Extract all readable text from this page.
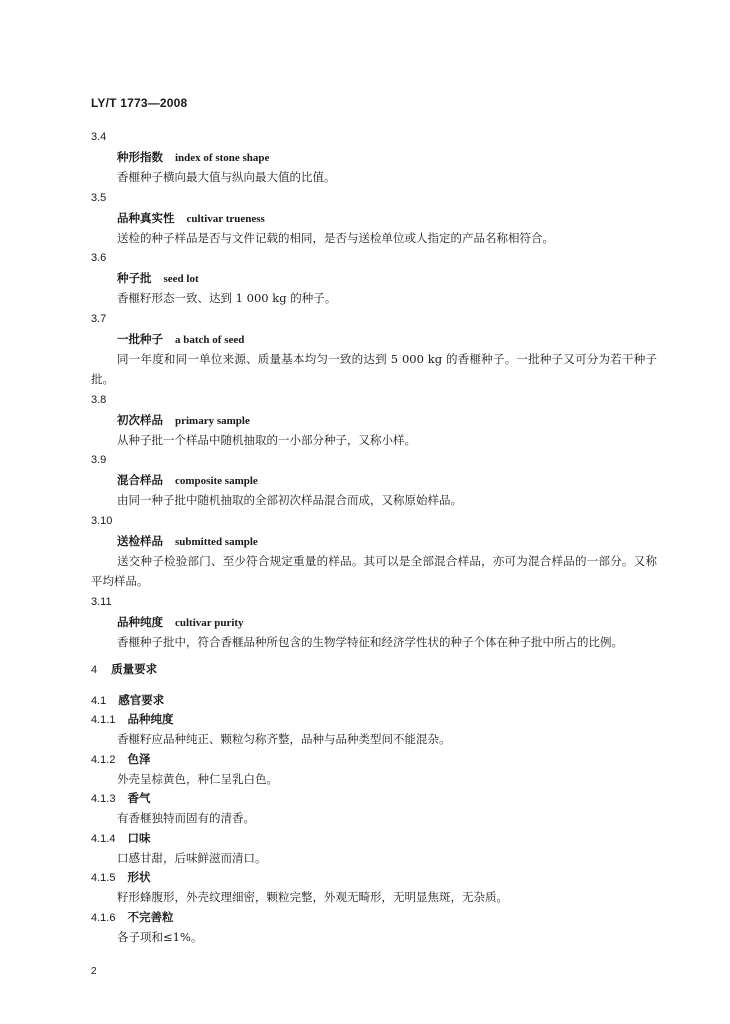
LY/T 1773—2008

3.4

种形指数 index of stone shape

香榧种子横向最大值与纵向最大值的比值。

3.5

品种真实性 cultivar trueness

送检的种子样品是否与文件记载的相同，是否与送检单位或人指定的产品名称相符合。

3.6

种子批 seed lot

香榧籽形态一致、达到 1 000 kg 的种子。

3.7

一批种子 a batch of seed

同一年度和同一单位来源、质量基本均匀一致的达到 5 000 kg 的香榧种子。一批种子又可分为若干种子批。

3.8

初次样品 primary sample

从种子批一个样品中随机抽取的一小部分种子，又称小样。

3.9

混合样品 composite sample

由同一种子批中随机抽取的全部初次样品混合而成，又称原始样品。

3.10

送检样品 submitted sample

送交种子检验部门、至少符合规定重量的样品。其可以是全部混合样品，亦可为混合样品的一部分。又称平均样品。

3.11

品种纯度 cultivar purity

香榧种子批中，符合香榧品种所包含的生物学特征和经济学性状的种子个体在种子批中所占的比例。

4 质量要求
4.1 感官要求
4.1.1 品种纯度

香榧籽应品种纯正、颗粒匀称齐整，品种与品种类型间不能混杂。

4.1.2 色泽

外壳呈棕黄色，种仁呈乳白色。

4.1.3 香气

有香榧独特而固有的清香。

4.1.4 口味

口感甘甜，后味鲜滋而清口。

4.1.5 形状

籽形蜂腹形，外壳纹理细密，颗粒完整，外观无畸形，无明显焦斑，无杂质。

4.1.6 不完善粒

各子项和≤1%。

2
